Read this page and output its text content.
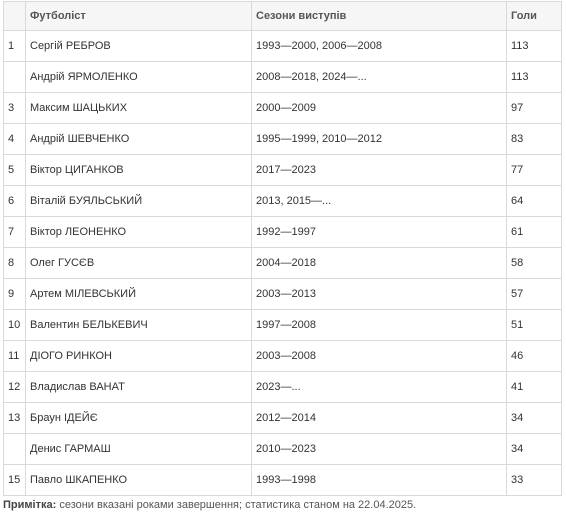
	Футболіст	Сезони виступів	Голи
1	Сергій РЕБРОВ	1993—2000, 2006—2008	113
	Андрій ЯРМОЛЕНКО	2008—2018, 2024—...	113
3	Максим ШАЦЬКИХ	2000—2009	97
4	Андрій ШЕВЧЕНКО	1995—1999, 2010—2012	83
5	Віктор ЦИГАНКОВ	2017—2023	77
6	Віталій БУЯЛЬСЬКИЙ	2013, 2015—...	64
7	Віктор ЛЕОНЕНКО	1992—1997	61
8	Олег ГУСЄВ	2004—2018	58
9	Артем МІЛЕВСЬКИЙ	2003—2013	57
10	Валентин БЕЛЬКЕВИЧ	1997—2008	51
11	ДІОГО РИНКОН	2003—2008	46
12	Владислав ВАНАТ	2023—...	41
13	Браун ІДЕЙЄ	2012—2014	34
	Денис ГАРМАШ	2010—2023	34
15	Павло ШКАПЕНКО	1993—1998	33
Примітка: сезони вказані роками завершення; статистика станом на 22.04.2025.
